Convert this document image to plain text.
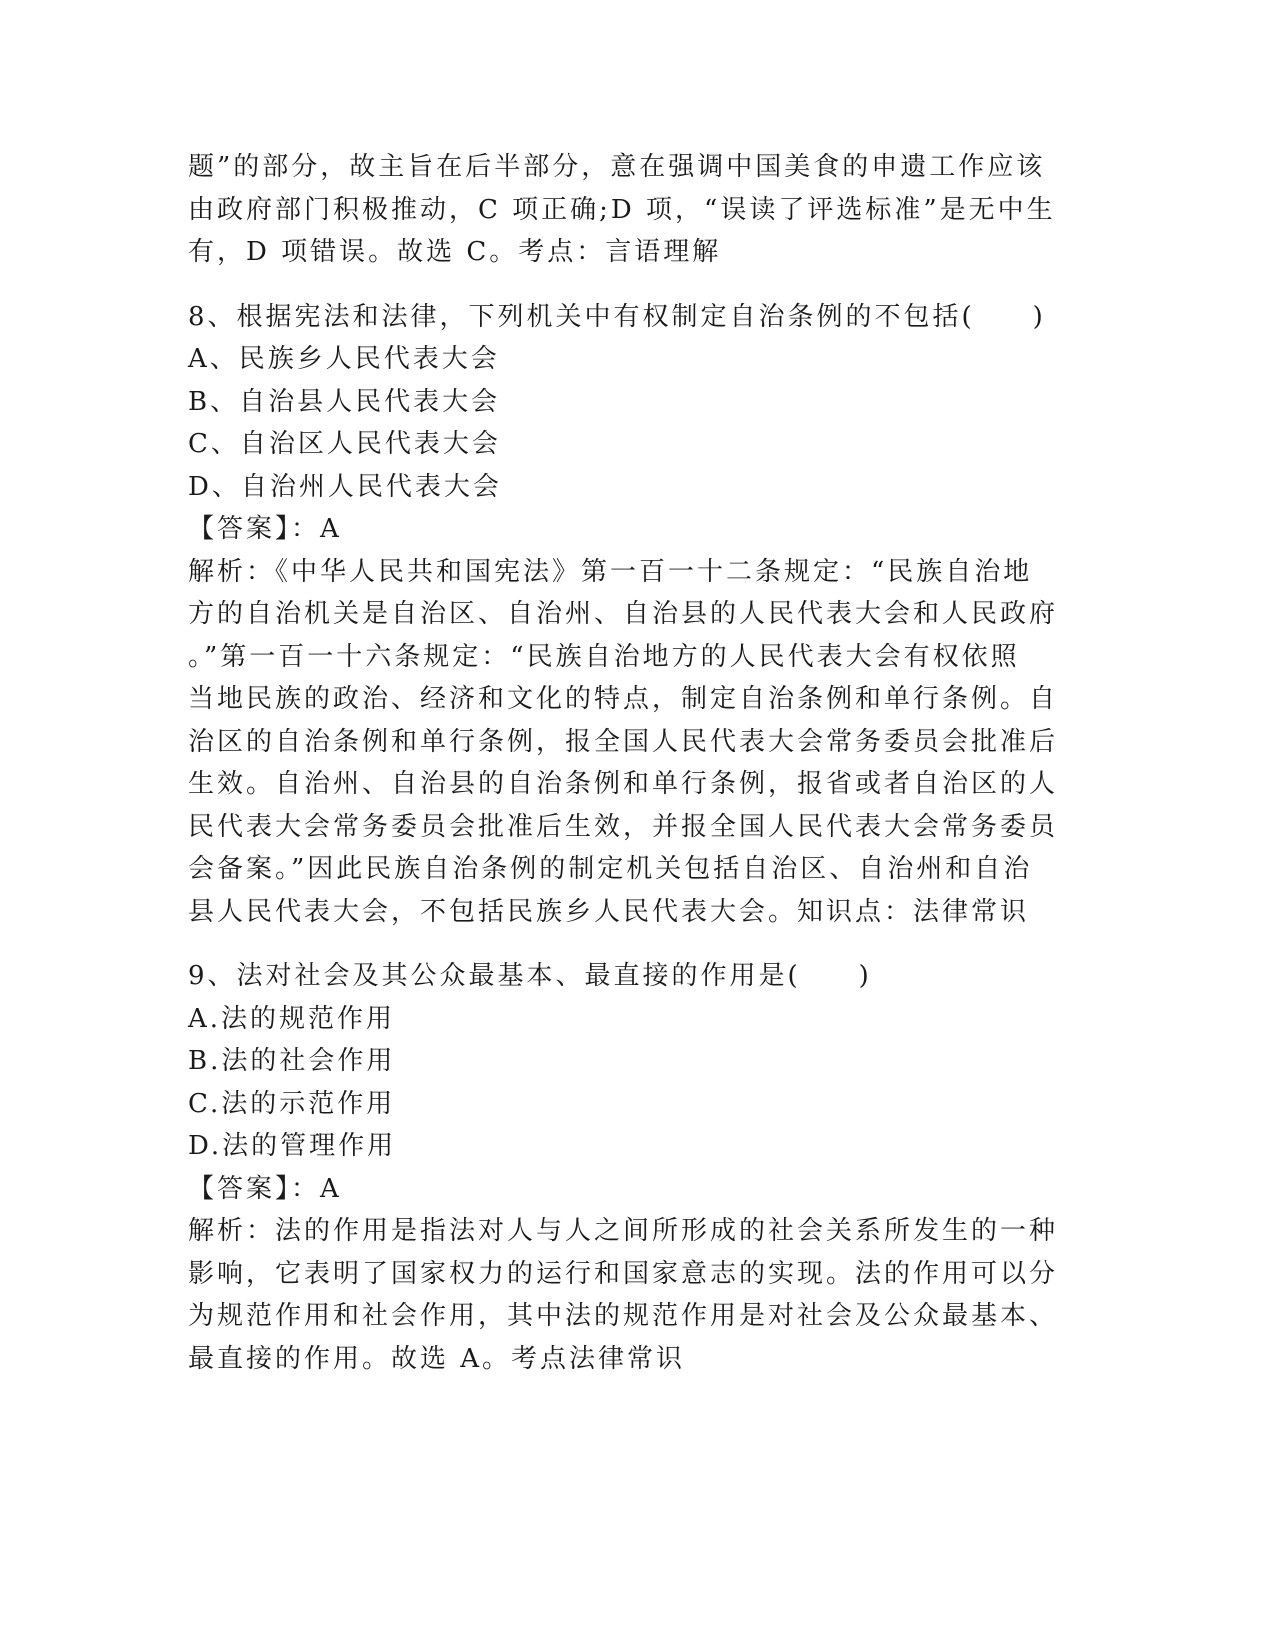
题”的部分，故主旨在后半部分，意在强调中国美食的申遗工作应该
由政府部门积极推动，C 项正确;D 项，“误读了评选标准”是无中生
有，D 项错误。故选 C。考点：言语理解
8、根据宪法和法律，下列机关中有权制定自治条例的不包括(　　)
A、民族乡人民代表大会
B、自治县人民代表大会
C、自治区人民代表大会
D、自治州人民代表大会
【答案】：A
解析：《中华人民共和国宪法》第一百一十二条规定：“民族自治地
方的自治机关是自治区、自治州、自治县的人民代表大会和人民政府
。”第一百一十六条规定：“民族自治地方的人民代表大会有权依照
当地民族的政治、经济和文化的特点，制定自治条例和单行条例。自
治区的自治条例和单行条例，报全国人民代表大会常务委员会批准后
生效。自治州、自治县的自治条例和单行条例，报省或者自治区的人
民代表大会常务委员会批准后生效，并报全国人民代表大会常务委员
会备案。”因此民族自治条例的制定机关包括自治区、自治州和自治
县人民代表大会，不包括民族乡人民代表大会。知识点：法律常识
9、法对社会及其公众最基本、最直接的作用是(　　)
A.法的规范作用
B.法的社会作用
C.法的示范作用
D.法的管理作用
【答案】：A
解析：法的作用是指法对人与人之间所形成的社会关系所发生的一种
影响，它表明了国家权力的运行和国家意志的实现。法的作用可以分
为规范作用和社会作用，其中法的规范作用是对社会及公众最基本、
最直接的作用。故选 A。考点法律常识
